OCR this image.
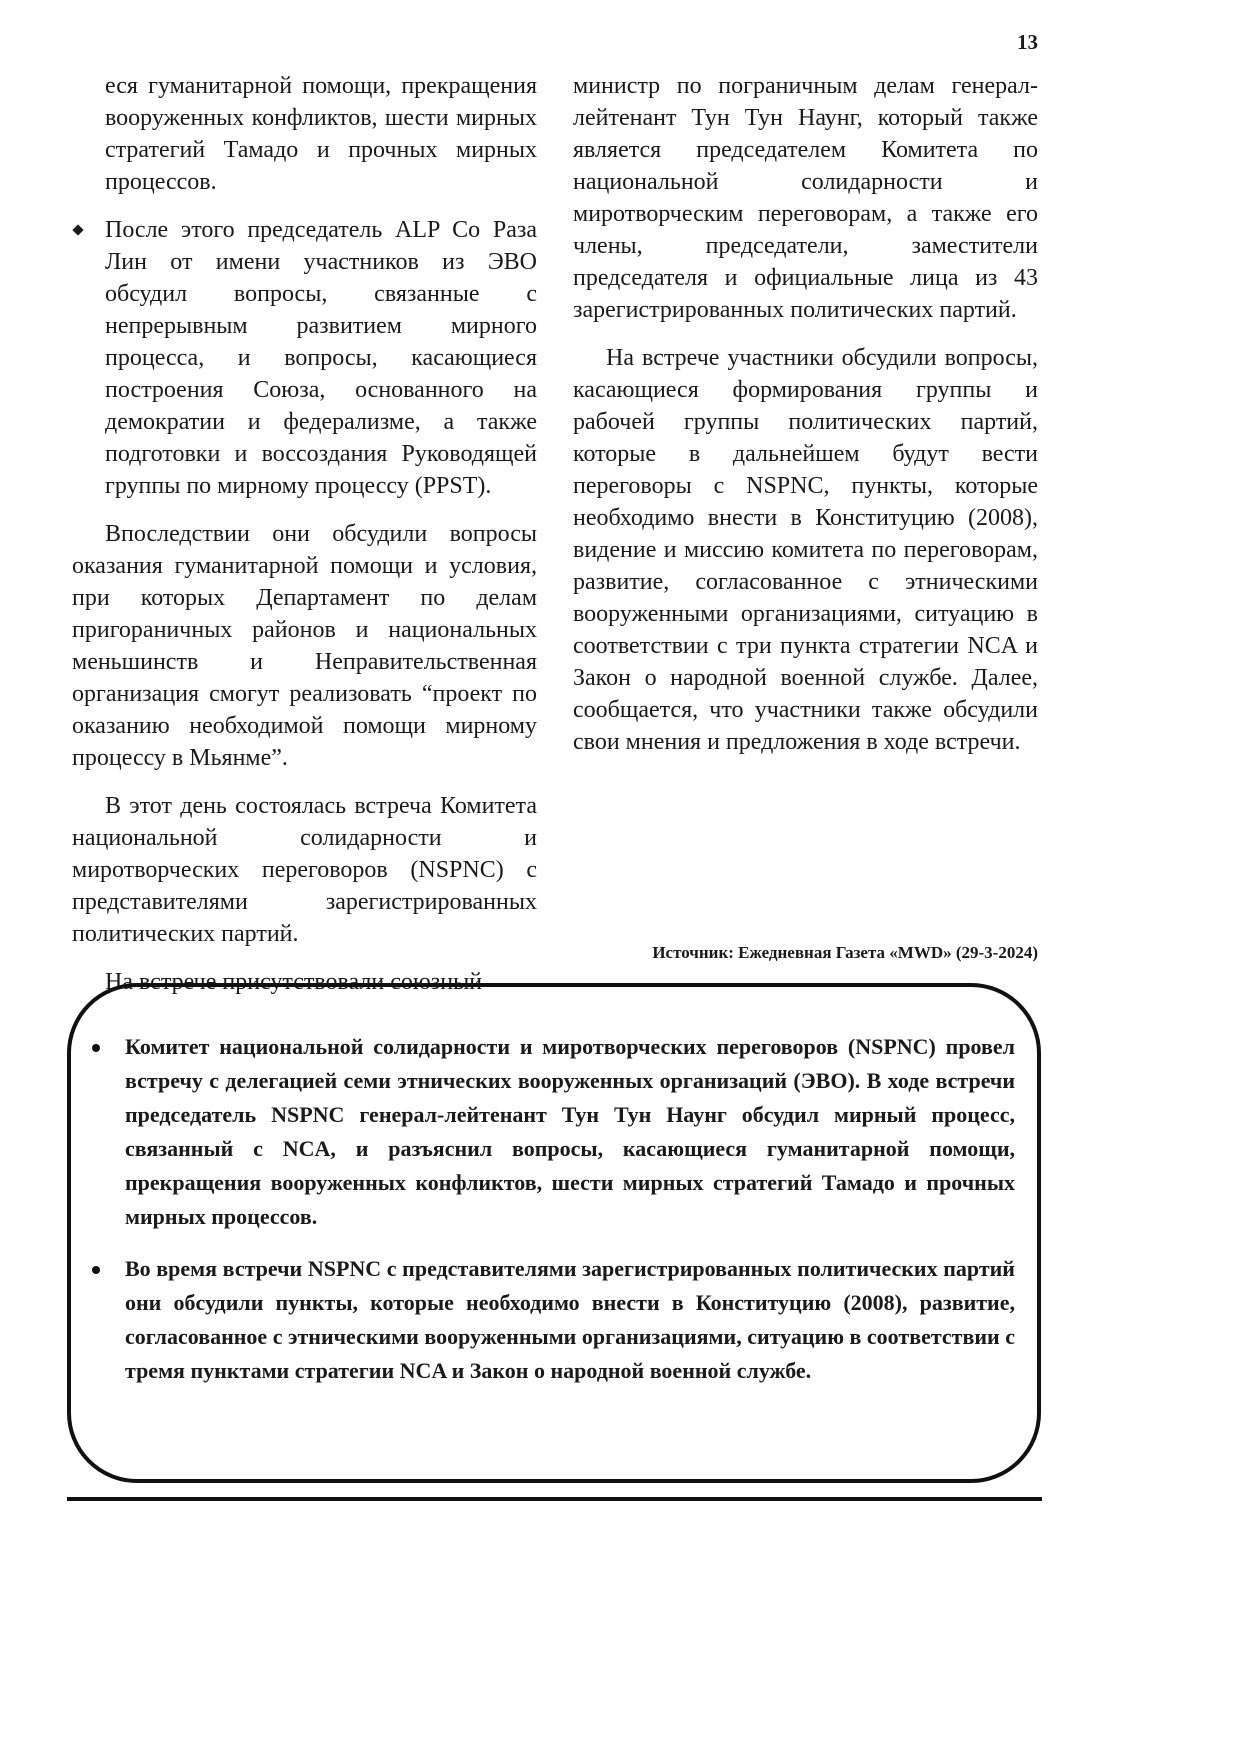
13

еся гуманитарной помощи, прекращения вооруженных конфликтов, шести мирных стратегий Тамадо и прочных мирных процессов.

После этого председатель ALP Со Раза Лин от имени участников из ЭВО обсудил вопросы, связанные с непрерывным развитием мирного процесса, и вопросы, касающиеся построения Союза, основанного на демократии и федерализме, а также подготовки и воссоздания Руководящей группы по мирному процессу (PPST).

Впоследствии они обсудили вопросы оказания гуманитарной помощи и условия, при которых Департамент по делам пригораничных районов и национальных меньшинств и Неправительственная организация смогут реализовать “проект по оказанию необходимой помощи мирному процессу в Мьянме”.

В этот день состоялась встреча Комитета национальной солидарности и миротворческих переговоров (NSPNC) с представителями зарегистрированных политических партий.

На встрече присутствовали союзный

министр по пограничным делам генерал-лейтенант Тун Тун Наунг, который также является председателем Комитета по национальной солидарности и миротворческим переговорам, а также его члены, председатели, заместители председателя и официальные лица из 43 зарегистрированных политических партий.

На встрече участники обсудили вопросы, касающиеся формирования группы и рабочей группы политических партий, которые в дальнейшем будут вести переговоры с NSPNC, пункты, которые необходимо внести в Конституцию (2008), видение и миссию комитета по переговорам, развитие, согласованное с этническими вооруженными организациями, ситуацию в соответствии с три пункта стратегии NCA и Закон о народной военной службе. Далее, сообщается, что участники также обсудили свои мнения и предложения в ходе встречи.

Источник: Ежедневная Газета «MWD» (29-3-2024)
Комитет национальной солидарности и миротворческих переговоров (NSPNC) провел встречу с делегацией семи этнических вооруженных организаций (ЭВО). В ходе встречи председатель NSPNC генерал-лейтенант Тун Тун Наунг обсудил мирный процесс, связанный с NCA, и разъяснил вопросы, касающиеся гуманитарной помощи, прекращения вооруженных конфликтов, шести мирных стратегий Тамадо и прочных мирных процессов.
Во время встречи NSPNC с представителями зарегистрированных политических партий они обсудили пункты, которые необходимо внести в Конституцию (2008), развитие, согласованное с этническими вооруженными организациями, ситуацию в соответствии с тремя пунктами стратегии NCA и Закон о народной военной службе.
